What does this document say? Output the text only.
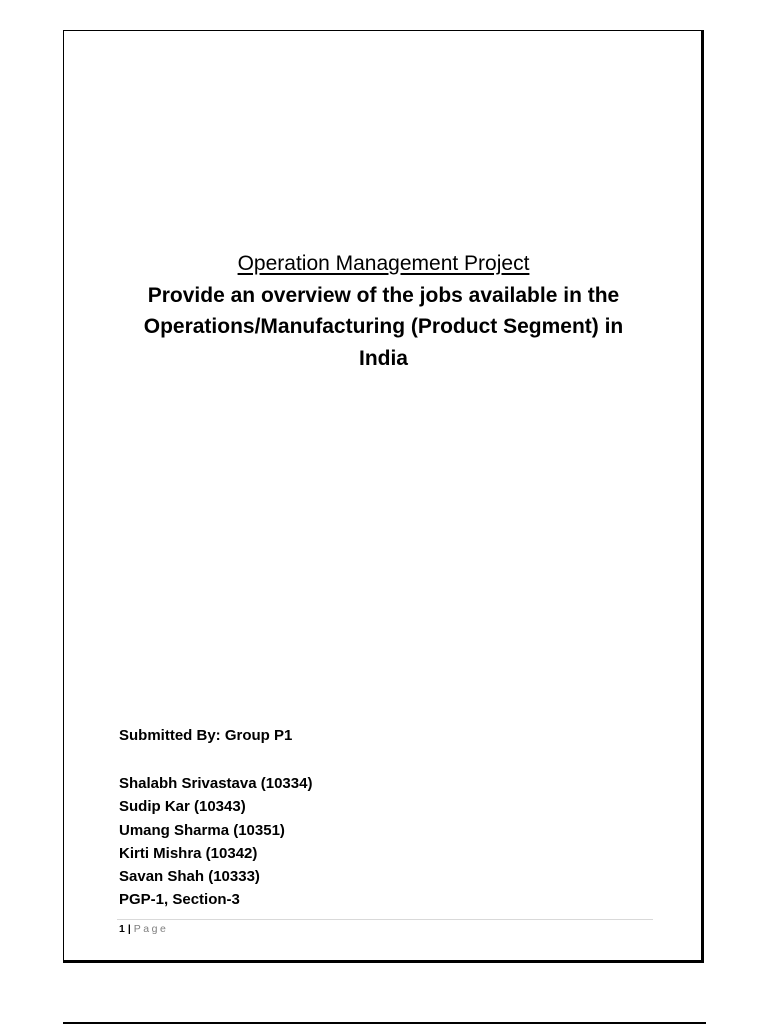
Operation Management Project
Provide an overview of the jobs available in the
Operations/Manufacturing (Product Segment) in
India
Submitted By: Group P1
Shalabh Srivastava (10334)
Sudip Kar (10343)
Umang Sharma (10351)
Kirti Mishra (10342)
Savan Shah (10333)
PGP-1, Section-3
1 | Page
